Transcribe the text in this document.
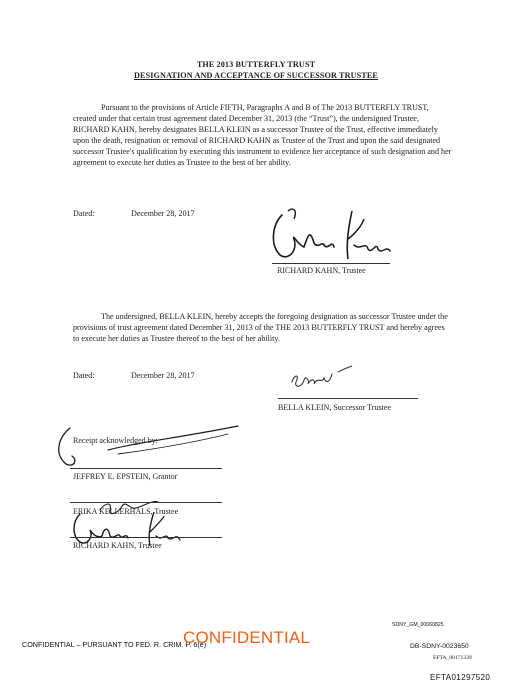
THE 2013 BUTTERFLY TRUST
DESIGNATION AND ACCEPTANCE OF SUCCESSOR TRUSTEE
Pursuant to the provisions of Article FIFTH, Paragraphs A and B of The 2013 BUTTERFLY TRUST, created under that certain trust agreement dated December 31, 2013 (the “Trust”), the undersigned Trustee, RICHARD KAHN, hereby designates BELLA KLEIN as a successor Trustee of the Trust, effective immediately upon the death, resignation or removal of RICHARD KAHN as Trustee of the Trust and upon the said designated successor Trustee's qualification by executing this instrument to evidence her acceptance of such designation and her agreement to execute her duties as Trustee to the best of her ability.
Dated:	December 28, 2017
RICHARD KAHN, Trustee
The undersigned, BELLA KLEIN, hereby accepts the foregoing designation as successor Trustee under the provisions of trust agreement dated December 31, 2013 of the THE 2013 BUTTERFLY TRUST and hereby agrees to execute her duties as Trustee thereof to the best of her ability.
Dated:	December 28, 2017
BELLA KLEIN, Successor Trustee
Receipt acknowledged by:
JEFFREY E. EPSTEIN, Grantor
ERIKA KELLERHALS, Trustee
RICHARD KAHN, Trustee
SDNY_GM_00060825
CONFIDENTIAL – PURSUANT TO FED. R. CRIM. P. 6(e)
CONFIDENTIAL	DB-SDNY-0023650
EFTA_00171339
EFTA01297520
